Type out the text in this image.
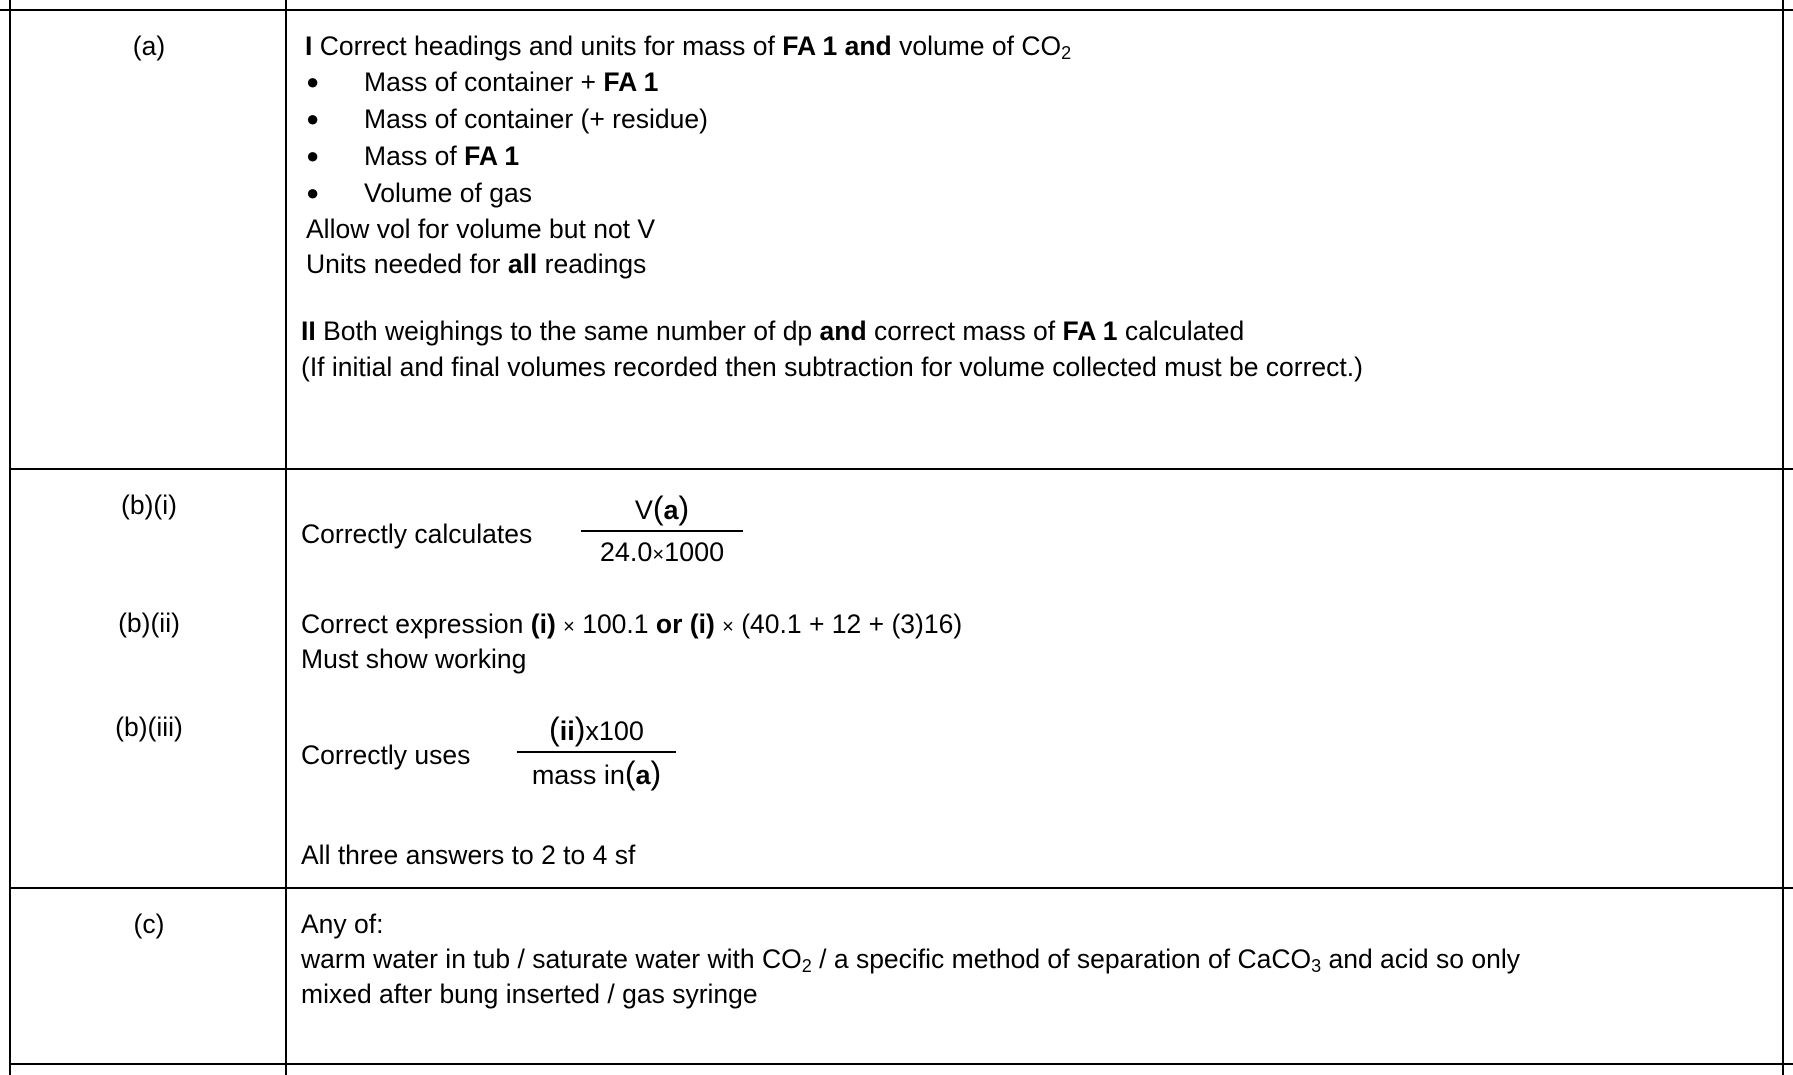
(a)	I Correct headings and units for mass of FA 1 and volume of $CO_2$
● Mass of container + FA 1
● Mass of container (+ residue)
● Mass of FA 1
● Volume of gas
Allow vol for volume but not V
Units needed for all readings
II Both weighings to the same number of dp and correct mass of FA 1 calculated
(If initial and final volumes recorded then subtraction for volume collected must be correct.)
(b)(i)
(b)(ii)
(b)(iii)
Correctly calculates
V(a)
24.0×1000
Correct expression (i) × 100.1 or (i) × (40.1 + 12 + (3)16)
Must show working
Correctly uses
(ii)x100
mass in(a)
All three answers to 2 to 4 sf
(c)	Any of:
warm water in tub / saturate water with $CO_2$ / a specific method of separation of CaCO$_3$ and acid so only
mixed after bung inserted / gas syringe
